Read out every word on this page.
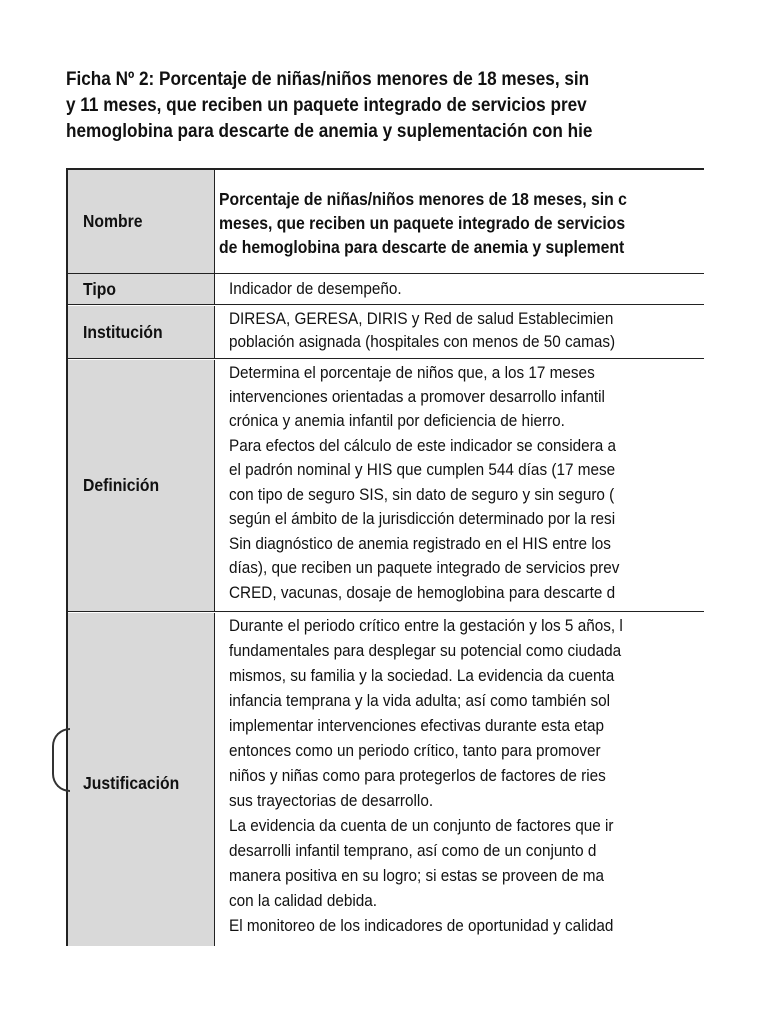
Ficha Nº 2: Porcentaje de niñas/niños menores de 18 meses, sin
y 11 meses, que reciben un paquete integrado de servicios prev
hemoglobina para descarte de anemia y suplementación con hie
Nombre
Porcentaje de niñas/niños menores de 18 meses, sin c
meses, que reciben un paquete integrado de servicios
de hemoglobina para descarte de anemia y suplement
Tipo	Indicador de desempeño.
Institución
DIRESA, GERESA, DIRIS y Red de salud Establecimien
población asignada (hospitales con menos de 50 camas)
Definición
Determina el porcentaje de niños que, a los 17 meses
intervenciones orientadas a promover desarrollo infantil
crónica y anemia infantil por deficiencia de hierro.
Para efectos del cálculo de este indicador se considera a
el padrón nominal y HIS que cumplen 544 días (17 mese
con tipo de seguro SIS, sin dato de seguro y sin seguro (
según el ámbito de la jurisdicción determinado por la resi
Sin diagnóstico de anemia registrado en el HIS entre los
días), que reciben un paquete integrado de servicios prev
CRED, vacunas, dosaje de hemoglobina para descarte d
Justificación
Durante el periodo crítico entre la gestación y los 5 años, l
fundamentales para desplegar su potencial como ciudada
mismos, su familia y la sociedad. La evidencia da cuenta
infancia temprana y la vida adulta; así como también sol
implementar intervenciones efectivas durante esta etap
entonces como un periodo crítico, tanto para promover
niños y niñas como para protegerlos de factores de ries
sus trayectorias de desarrollo.
La evidencia da cuenta de un conjunto de factores que ir
desarrolli infantil temprano, así como de un conjunto d
manera positiva en su logro; si estas se proveen de ma
con la calidad debida.
El monitoreo de los indicadores de oportunidad y calidad
